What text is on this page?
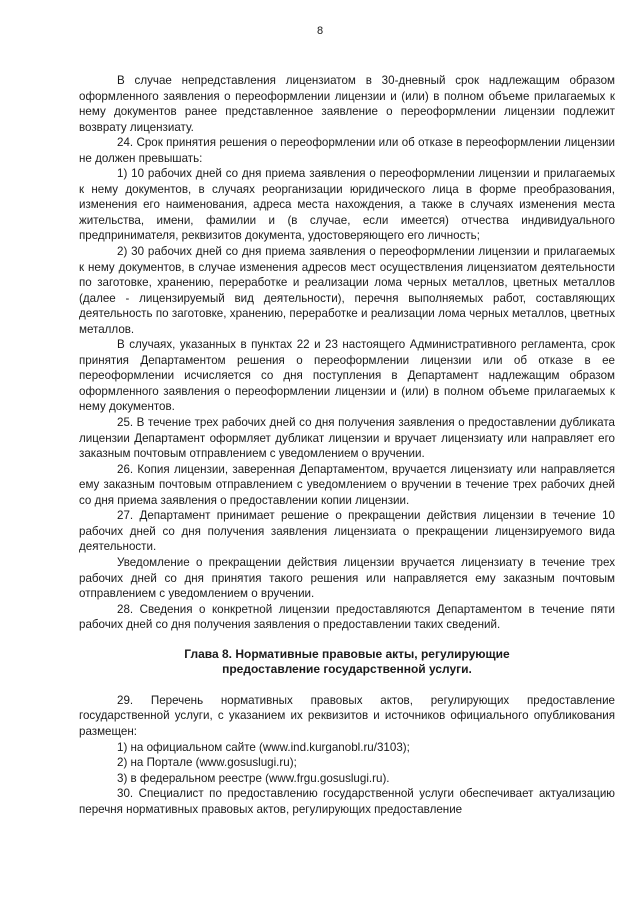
8

В случае непредставления лицензиатом в 30-дневный срок надлежащим образом оформленного заявления о переоформлении лицензии и (или) в полном объеме прилагаемых к нему документов ранее представленное заявление о переоформлении лицензии подлежит возврату лицензиату.

24. Срок принятия решения о переоформлении или об отказе в переоформлении лицензии не должен превышать:

1) 10 рабочих дней со дня приема заявления о переоформлении лицензии и прилагаемых к нему документов, в случаях реорганизации юридического лица в форме преобразования, изменения его наименования, адреса места нахождения, а также в случаях изменения места жительства, имени, фамилии и (в случае, если имеется) отчества индивидуального предпринимателя, реквизитов документа, удостоверяющего его личность;

2) 30 рабочих дней со дня приема заявления о переоформлении лицензии и прилагаемых к нему документов, в случае изменения адресов мест осуществления лицензиатом деятельности по заготовке, хранению, переработке и реализации лома черных металлов, цветных металлов (далее - лицензируемый вид деятельности), перечня выполняемых работ, составляющих деятельность по заготовке, хранению, переработке и реализации лома черных металлов, цветных металлов.

В случаях, указанных в пунктах 22 и 23 настоящего Административного регламента, срок принятия Департаментом решения о переоформлении лицензии или об отказе в ее переоформлении исчисляется со дня поступления в Департамент надлежащим образом оформленного заявления о переоформлении лицензии и (или) в полном объеме прилагаемых к нему документов.

25. В течение трех рабочих дней со дня получения заявления о предоставлении дубликата лицензии Департамент оформляет дубликат лицензии и вручает лицензиату или направляет его заказным почтовым отправлением с уведомлением о вручении.

26. Копия лицензии, заверенная Департаментом, вручается лицензиату или направляется ему заказным почтовым отправлением с уведомлением о вручении в течение трех рабочих дней со дня приема заявления о предоставлении копии лицензии.

27. Департамент принимает решение о прекращении действия лицензии в течение 10 рабочих дней со дня получения заявления лицензиата о прекращении лицензируемого вида деятельности.

Уведомление о прекращении действия лицензии вручается лицензиату в течение трех рабочих дней со дня принятия такого решения или направляется ему заказным почтовым отправлением с уведомлением о вручении.

28. Сведения о конкретной лицензии предоставляются Департаментом в течение пяти рабочих дней со дня получения заявления о предоставлении таких сведений.

Глава 8. Нормативные правовые акты, регулирующие
предоставление государственной услуги.

29. Перечень нормативных правовых актов, регулирующих предоставление государственной услуги, с указанием их реквизитов и источников официального опубликования размещен:

1) на официальном сайте (www.ind.kurganobl.ru/3103);

2) на Портале (www.gosuslugi.ru);

3) в федеральном реестре (www.frgu.gosuslugi.ru).

30. Специалист по предоставлению государственной услуги обеспечивает актуализацию перечня нормативных правовых актов, регулирующих предоставление
